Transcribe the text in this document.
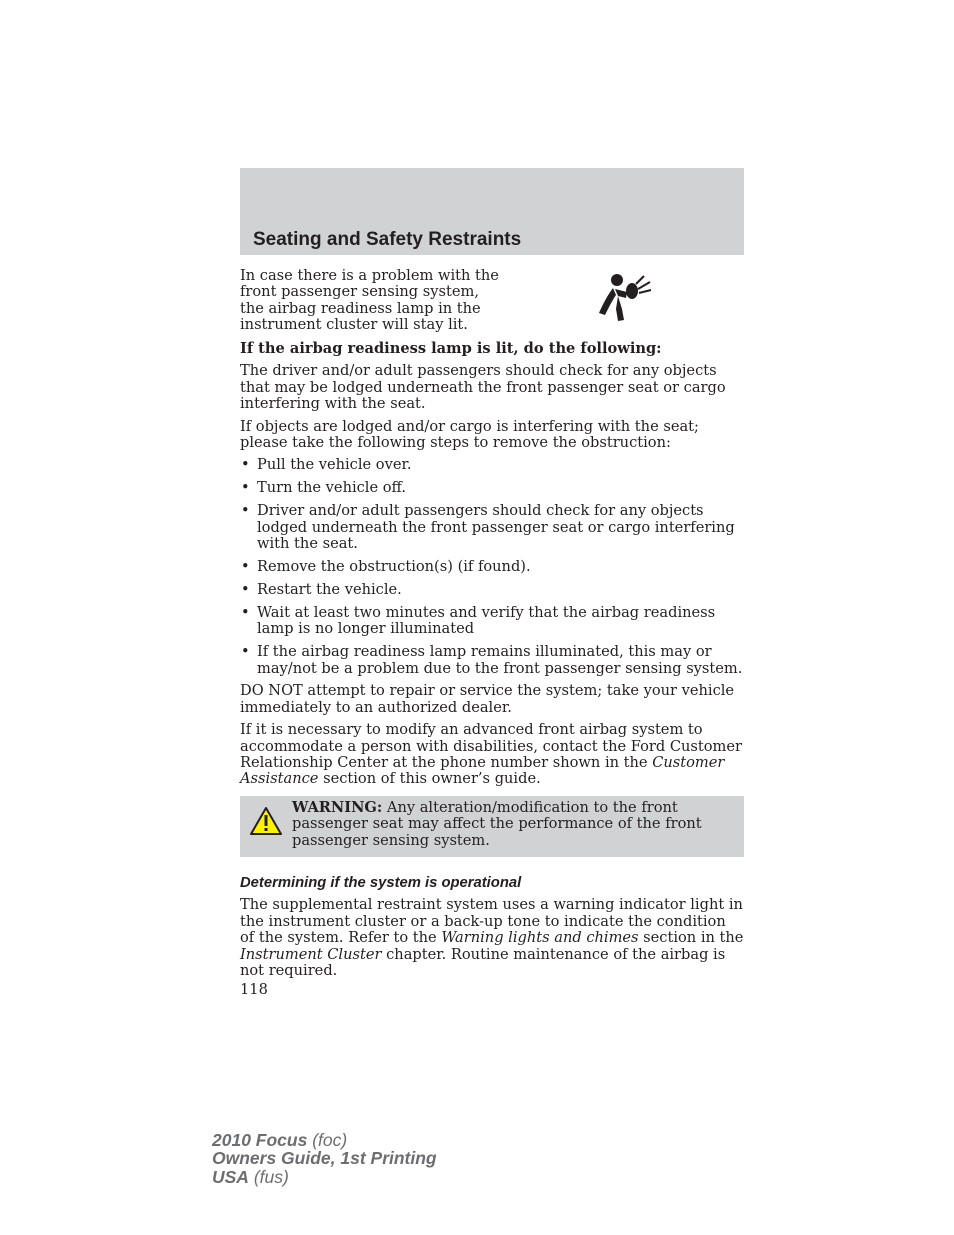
Seating and Safety Restraints

In case there is a problem with the front passenger sensing system, the airbag readiness lamp in the instrument cluster will stay lit.

If the airbag readiness lamp is lit, do the following:

The driver and/or adult passengers should check for any objects that may be lodged underneath the front passenger seat or cargo interfering with the seat.

If objects are lodged and/or cargo is interfering with the seat; please take the following steps to remove the obstruction:

• Pull the vehicle over.
• Turn the vehicle off.
• Driver and/or adult passengers should check for any objects lodged underneath the front passenger seat or cargo interfering with the seat.
• Remove the obstruction(s) (if found).
• Restart the vehicle.
• Wait at least two minutes and verify that the airbag readiness lamp is no longer illuminated
• If the airbag readiness lamp remains illuminated, this may or may/not be a problem due to the front passenger sensing system.

DO NOT attempt to repair or service the system; take your vehicle immediately to an authorized dealer.

If it is necessary to modify an advanced front airbag system to accommodate a person with disabilities, contact the Ford Customer Relationship Center at the phone number shown in the Customer Assistance section of this owner’s guide.

WARNING: Any alteration/modification to the front passenger seat may affect the performance of the front passenger sensing system.
Determining if the system is operational

The supplemental restraint system uses a warning indicator light in the instrument cluster or a back-up tone to indicate the condition of the system. Refer to the Warning lights and chimes section in the Instrument Cluster chapter. Routine maintenance of the airbag is not required.

118

2010 Focus (foc)
Owners Guide, 1st Printing
USA (fus)
